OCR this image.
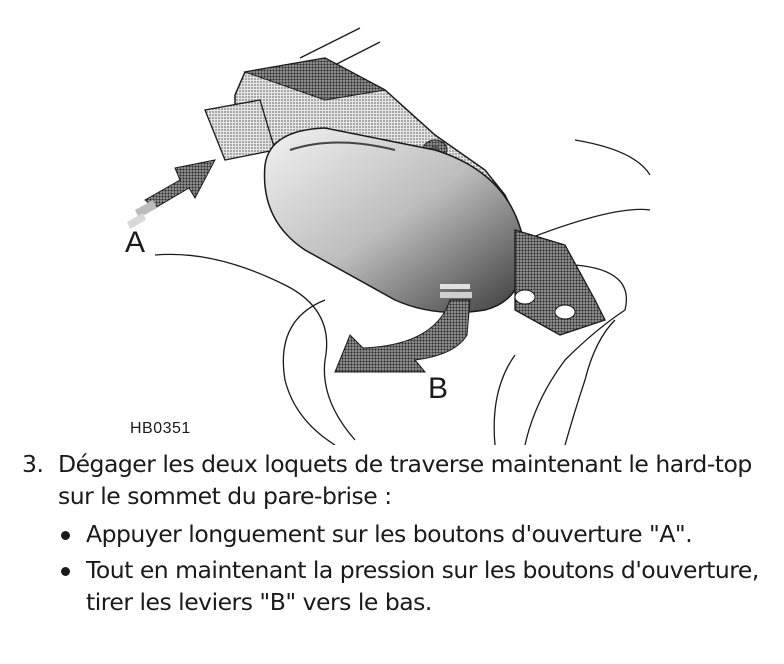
A
B
HB0351
3. Dégager les deux loquets de traverse maintenant le hard-top sur le sommet du pare-brise :
Appuyer longuement sur les boutons d'ouverture "A".
Tout en maintenant la pression sur les boutons d'ouverture, tirer les leviers "B" vers le bas.
